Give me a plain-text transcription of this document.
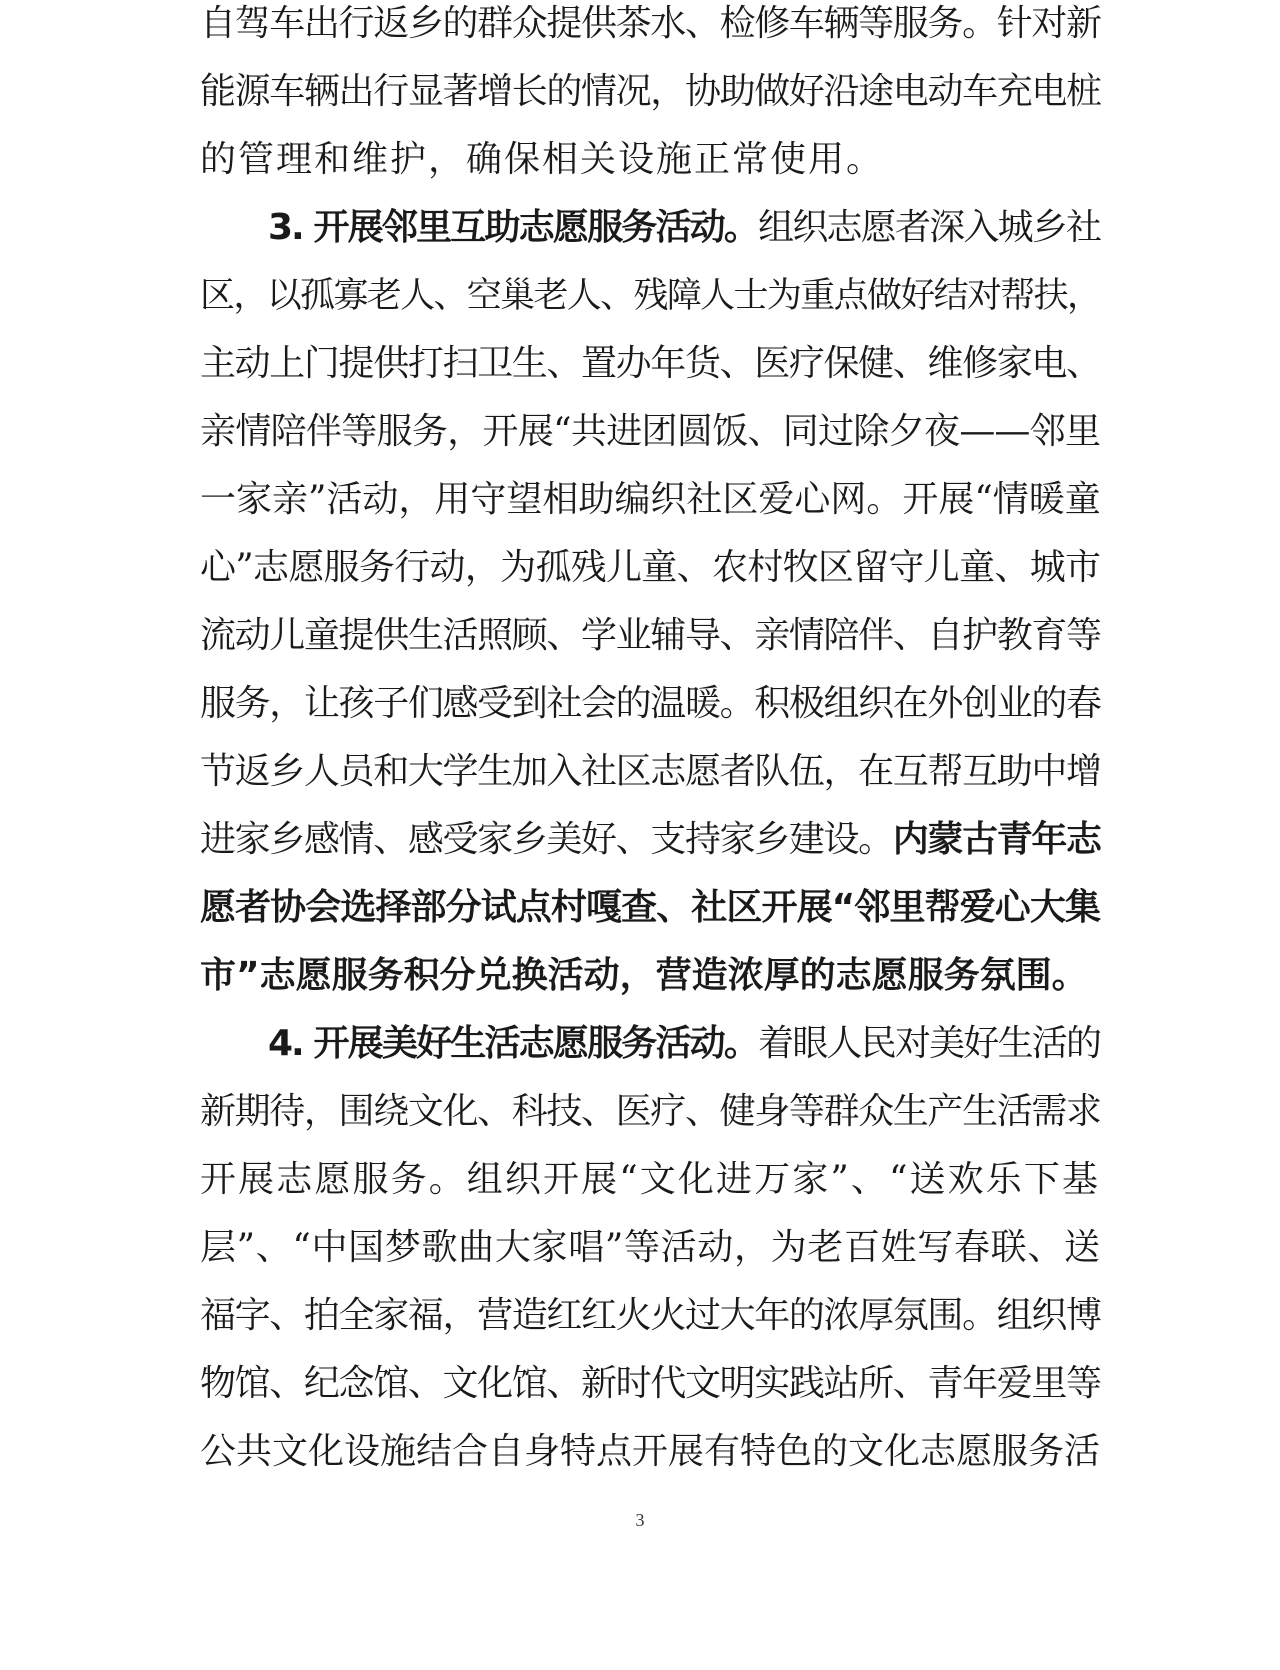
自驾车出行返乡的群众提供茶水、检修车辆等服务。针对新
能源车辆出行显著增长的情况，协助做好沿途电动车充电桩
的管理和维护，确保相关设施正常使用。
3. 开展邻里互助志愿服务活动。组织志愿者深入城乡社
区，以孤寡老人、空巢老人、残障人士为重点做好结对帮扶，
主动上门提供打扫卫生、置办年货、医疗保健、维修家电、
亲情陪伴等服务，开展“共进团圆饭、同过除夕夜——邻里
一家亲”活动，用守望相助编织社区爱心网。开展“情暖童
心”志愿服务行动，为孤残儿童、农村牧区留守儿童、城市
流动儿童提供生活照顾、学业辅导、亲情陪伴、自护教育等
服务，让孩子们感受到社会的温暖。积极组织在外创业的春
节返乡人员和大学生加入社区志愿者队伍，在互帮互助中增
进家乡感情、感受家乡美好、支持家乡建设。内蒙古青年志
愿者协会选择部分试点村嘎查、社区开展“邻里帮爱心大集
市”志愿服务积分兑换活动，营造浓厚的志愿服务氛围。
4. 开展美好生活志愿服务活动。着眼人民对美好生活的
新期待，围绕文化、科技、医疗、健身等群众生产生活需求
开展志愿服务。组织开展“文化进万家”、“送欢乐下基
层”、“中国梦歌曲大家唱”等活动，为老百姓写春联、送
福字、拍全家福，营造红红火火过大年的浓厚氛围。组织博
物馆、纪念馆、文化馆、新时代文明实践站所、青年爱里等
公共文化设施结合自身特点开展有特色的文化志愿服务活
3
